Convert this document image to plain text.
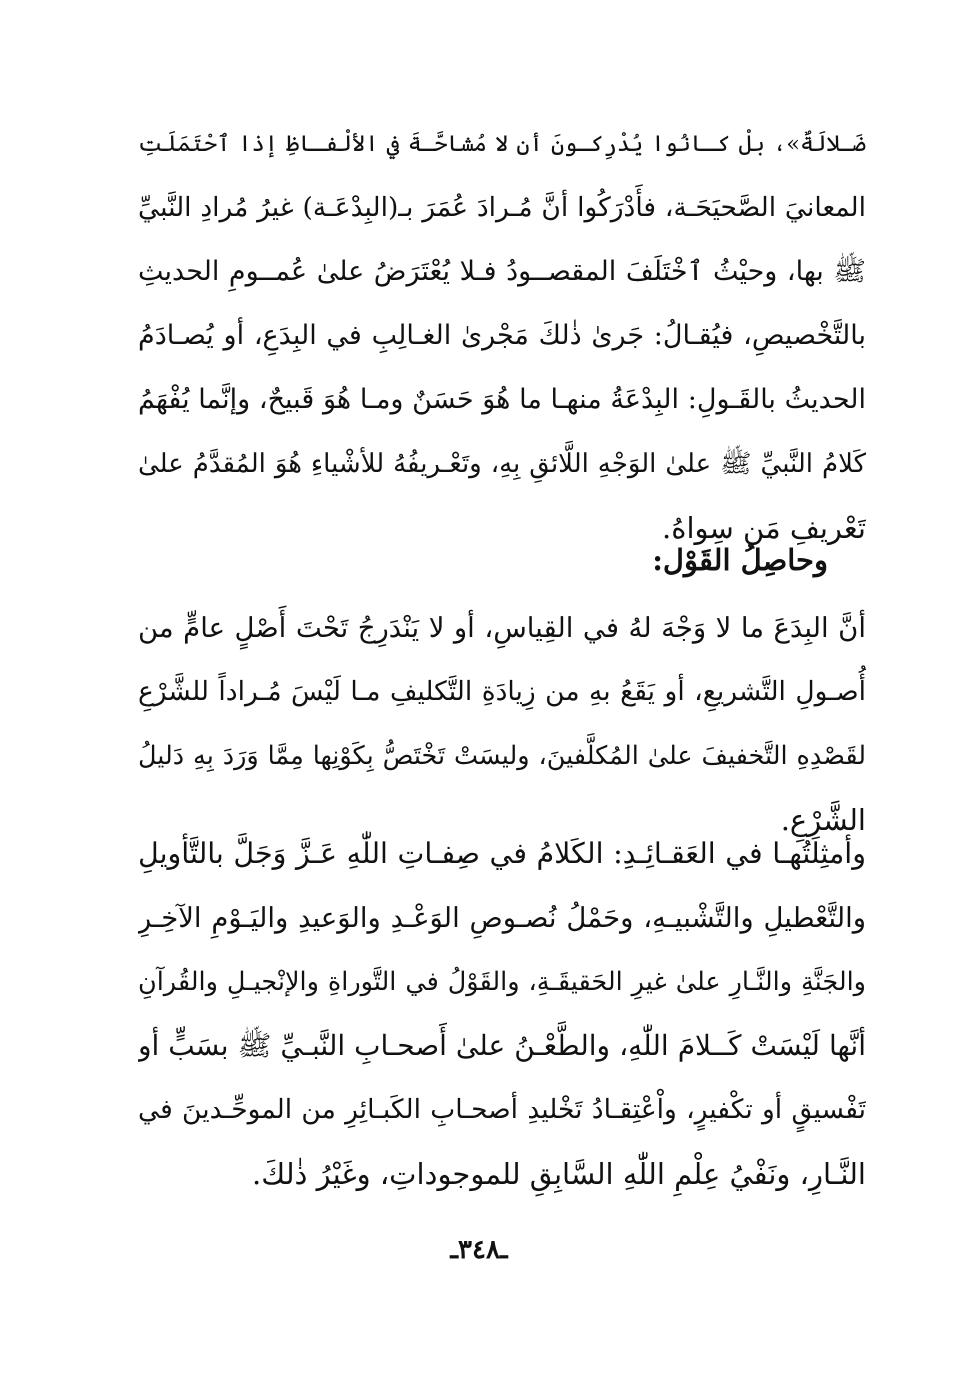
ضَـلالَةٌ»، بلْ كـانُوا يُدْرِكـونَ أن لا مُشاحَّـةَ في الألْفـاظِ إذا ٱحْتَمَلَتِ
المعانيَ الصَّحيَحَـة، فأَدْرَكُوا أنَّ مُـرادَ عُمَرَ بـ(البِدْعَـة) غيرُ مُرادِ النَّبيِّ
ﷺ بها، وحيْثُ ٱخْتَلَفَ المقصــودُ فـلا يُعْتَرَضُ علىٰ عُمــومِ الحديثِ
بالتَّخْصيصِ، فيُقـالُ: جَرىٰ ذٰلكَ مَجْرىٰ الغـالِبِ في البِدَعِ، أو يُصـادَمُ
الحديثُ بالقَـولِ: البِدْعَةُ منهـا ما هُوَ حَسَنٌ ومـا هُوَ قَبيحٌ، وإنَّما يُفْهَمُ
كَلامُ النَّبيِّ ﷺ علىٰ الوَجْهِ اللَّائقِ بِهِ، وتَعْـريفُهُ للأشْياءِ هُوَ المُقدَّمُ علىٰ
تَعْريفِ مَن سِواهُ.
وحاصِلُ القَوْل:
أنَّ البِدَعَ ما لا وَجْهَ لهُ في القِياسِ، أو لا يَنْدَرِجُ تَحْتَ أَصْلٍ عامٍّ من
أُصـولِ التَّشريعِ، أو يَقَعُ بهِ من زِيادَةِ التَّكليفِ مـا لَيْسَ مُـراداً للشَّرْعِ
لقَصْدِهِ التَّخفيفَ علىٰ المُكلَّفينَ، وليسَتْ تَخْتَصُّ بِكَوْنِها مِمَّا وَرَدَ بِهِ دَليلُ
الشَّرْعِ.
وأمثِلَتُهـا في العَقـائِـدِ: الكَلامُ في صِفـاتِ اللّٰهِ عَـزَّ وَجَلَّ بالتَّأويلِ
والتَّعْطيلِ والتَّشْبيـهِ، وحَمْلُ نُصـوصِ الوَعْـدِ والوَعيدِ واليَـوْمِ الآخِـرِ
والجَنَّةِ والنَّـارِ علىٰ غيرِ الحَقيقَـةِ، والقَوْلُ في التَّوراةِ والإنْجيـلِ والقُرآنِ
أنَّها لَيْسَتْ كَــلامَ اللّٰهِ، والطَّعْـنُ علىٰ أَصحـابِ النَّبـيِّ ﷺ بسَبٍّ أو
تَفْسيقٍ أو تكْفيرٍ، واْعْتِقـادُ تَخْليدِ أصحـابِ الكَبـائِرِ من الموحِّـدينَ في
النَّـارِ، ونَفْيُ عِلْمِ اللّٰهِ السَّابِقِ للموجوداتِ، وغَيْرُ ذٰلكَ.
ـ٣٤٨ـ
